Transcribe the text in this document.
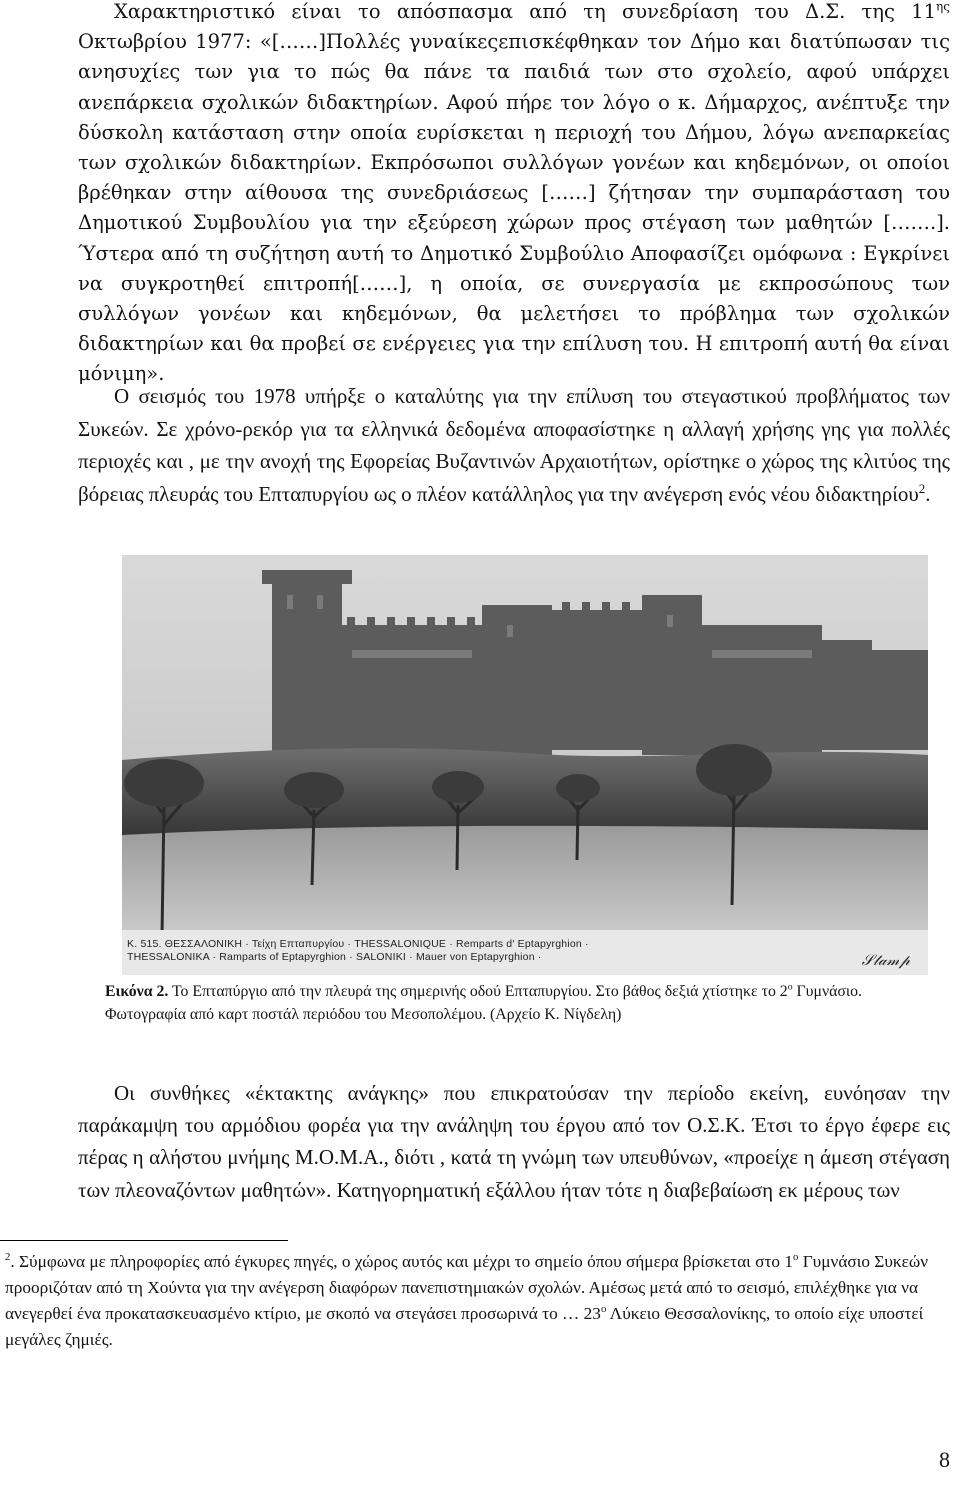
Χαρακτηριστικό είναι το απόσπασμα από τη συνεδρίαση του Δ.Σ. της $11^{\eta\varsigma}$ Οκτωβρίου 1977: «[……]Πολλές γυναίκεςεπισκέφθηκαν τον Δήμο και διατύπωσαν τις ανησυχίες των για το πώς θα πάνε τα παιδιά των στο σχολείο, αφού υπάρχει ανεπάρκεια σχολικών διδακτηρίων. Αφού πήρε τον λόγο ο κ. Δήμαρχος, ανέπτυξε την δύσκολη κατάσταση στην οποία ευρίσκεται η περιοχή του Δήμου, λόγω ανεπαρκείας των σχολικών διδακτηρίων. Εκπρόσωποι συλλόγων γονέων και κηδεμόνων, οι οποίοι βρέθηκαν στην αίθουσα της συνεδριάσεως [……] ζήτησαν την συμπαράσταση του Δημοτικού Συμβουλίου για την εξεύρεση χώρων προς στέγαση των μαθητών […….]. Ύστερα από τη συζήτηση αυτή το Δημοτικό Συμβούλιο Αποφασίζει ομόφωνα : Εγκρίνει να συγκροτηθεί επιτροπή[……], η οποία, σε συνεργασία με εκπροσώπους των συλλόγων γονέων και κηδεμόνων, θα μελετήσει το πρόβλημα των σχολικών διδακτηρίων και θα προβεί σε ενέργειες για την επίλυση του. Η επιτροπή αυτή θα είναι μόνιμη».

Ο σεισμός του 1978 υπήρξε ο καταλύτης για την επίλυση του στεγαστικού προβλήματος των Συκεών. Σε χρόνο-ρεκόρ για τα ελληνικά δεδομένα αποφασίστηκε η αλλαγή χρήσης γης για πολλές περιοχές και , με την ανοχή της Εφορείας Βυζαντινών Αρχαιοτήτων, ορίστηκε ο χώρος της κλιτύος της βόρειας πλευράς του Επταπυργίου ως ο πλέον κατάλληλος για την ανέγερση ενός νέου διδακτηρίου$^2$.

Κ. 515. ΘΕΣΣΑΛΟΝΙΚΗ · Τείχη Επταπυργίου · THESSALONIQUE · Remparts d' Eptapyrghion ·
THESSALONIKA · Ramparts of Eptapyrghion · SALONIKI · Mauer von Eptapyrghion ·	𝒮𝓉𝒶𝓂𝓅

Εικόνα 2. Το Επταπύργιο από την πλευρά της σημερινής οδού Επταπυργίου. Στο βάθος δεξιά χτίστηκε το $2^o$ Γυμνάσιο. Φωτογραφία από καρτ ποστάλ περιόδου του Μεσοπολέμου. (Αρχείο Κ. Νίγδελη)

Οι συνθήκες «έκτακτης ανάγκης» που επικρατούσαν την περίοδο εκείνη, ευνόησαν την παράκαμψη του αρμόδιου φορέα για την ανάληψη του έργου από τον Ο.Σ.Κ. Έτσι το έργο έφερε εις πέρας η αλήστου μνήμης Μ.Ο.Μ.Α., διότι , κατά τη γνώμη των υπευθύνων, «προείχε η άμεση στέγαση των πλεοναζόντων μαθητών». Κατηγορηματική εξάλλου ήταν τότε η διαβεβαίωση εκ μέρους των

$^2$. Σύμφωνα με πληροφορίες από έγκυρες πηγές, ο χώρος αυτός και μέχρι το σημείο όπου σήμερα βρίσκεται στο $1^o$ Γυμνάσιο Συκεών προοριζόταν από τη Χούντα για την ανέγερση διαφόρων πανεπιστημιακών σχολών. Αμέσως μετά από το σεισμό, επιλέχθηκε για να ανεγερθεί ένα προκατασκευασμένο κτίριο, με σκοπό να στεγάσει προσωρινά το … $23^o$ Λύκειο Θεσσαλονίκης, το οποίο είχε υποστεί μεγάλες ζημιές.

8
